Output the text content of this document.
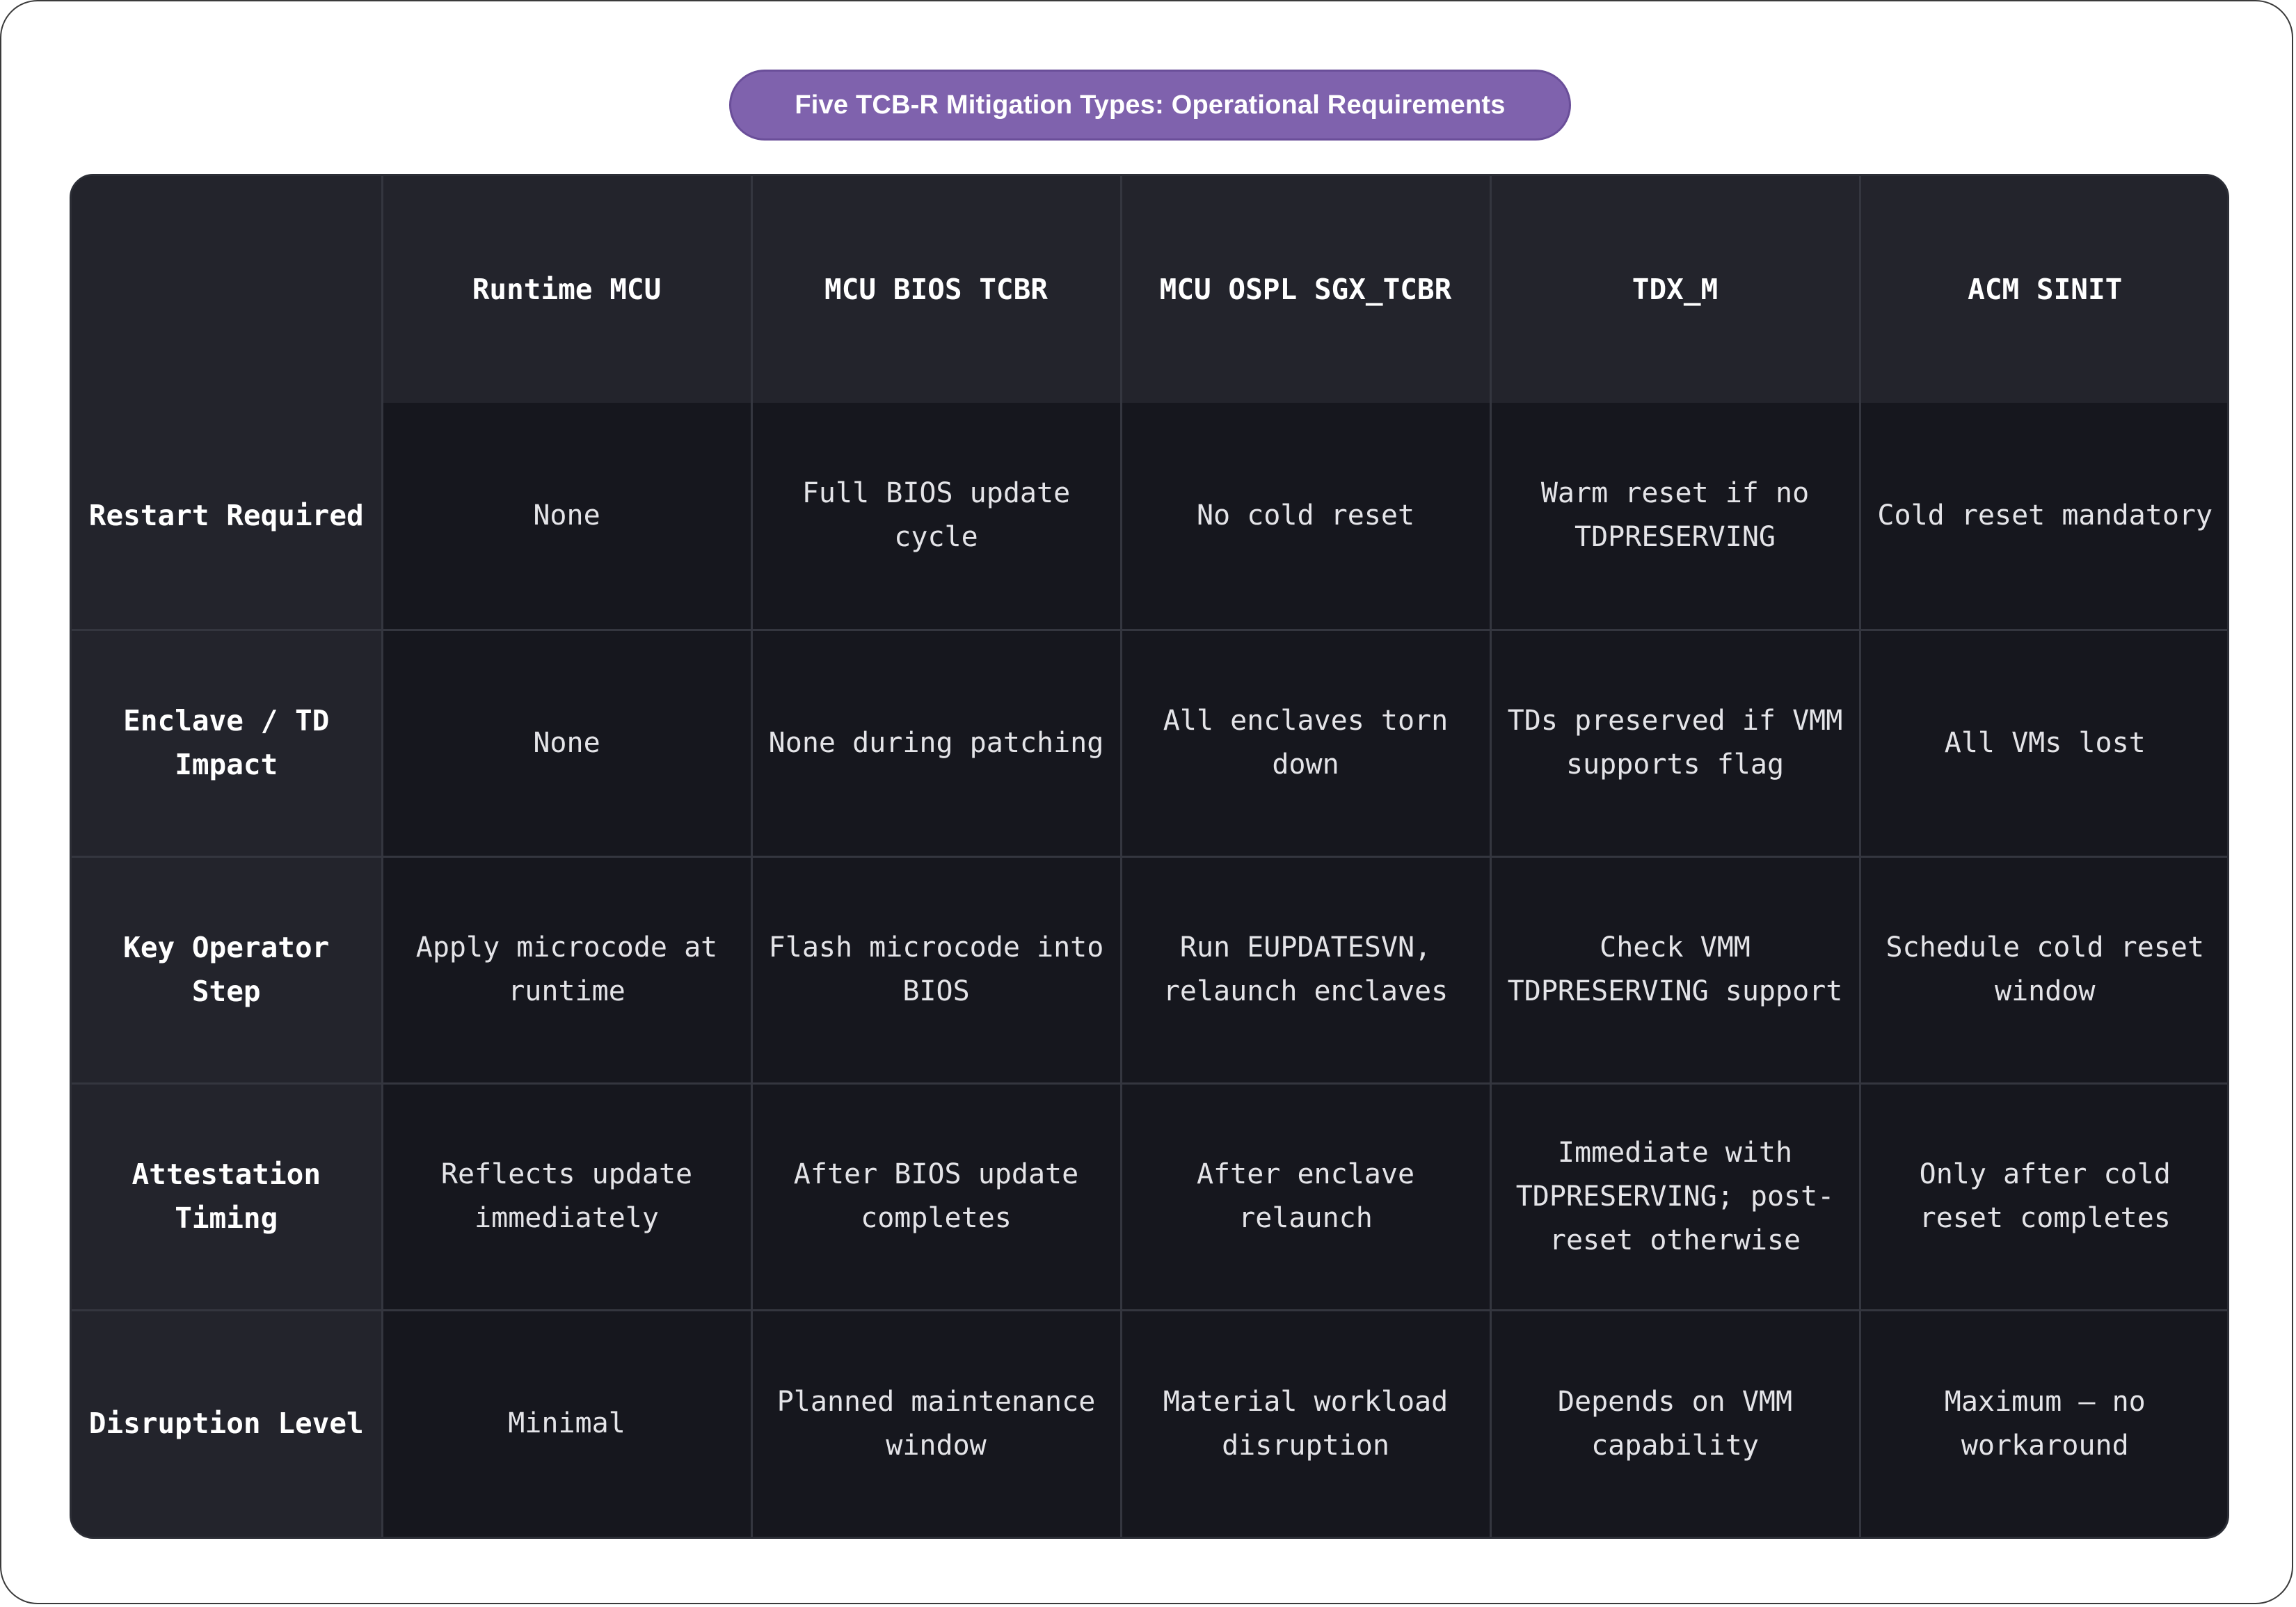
Five TCB-R Mitigation Types: Operational Requirements
	Runtime MCU	MCU BIOS TCBR	MCU OSPL SGX_TCBR	TDX_M	ACM SINIT
Restart Required	None	Full BIOS update cycle	No cold reset	Warm reset if no TDPRESERVING	Cold reset mandatory
Enclave / TD Impact	None	None during patching	All enclaves torn down	TDs preserved if VMM supports flag	All VMs lost
Key Operator Step	Apply microcode at runtime	Flash microcode into BIOS	Run EUPDATESVN, relaunch enclaves	Check VMM TDPRESERVING support	Schedule cold reset window
Attestation Timing	Reflects update immediately	After BIOS update completes	After enclave relaunch	Immediate with TDPRESERVING; post-reset otherwise	Only after cold reset completes
Disruption Level	Minimal	Planned maintenance window	Material workload disruption	Depends on VMM capability	Maximum — no workaround
